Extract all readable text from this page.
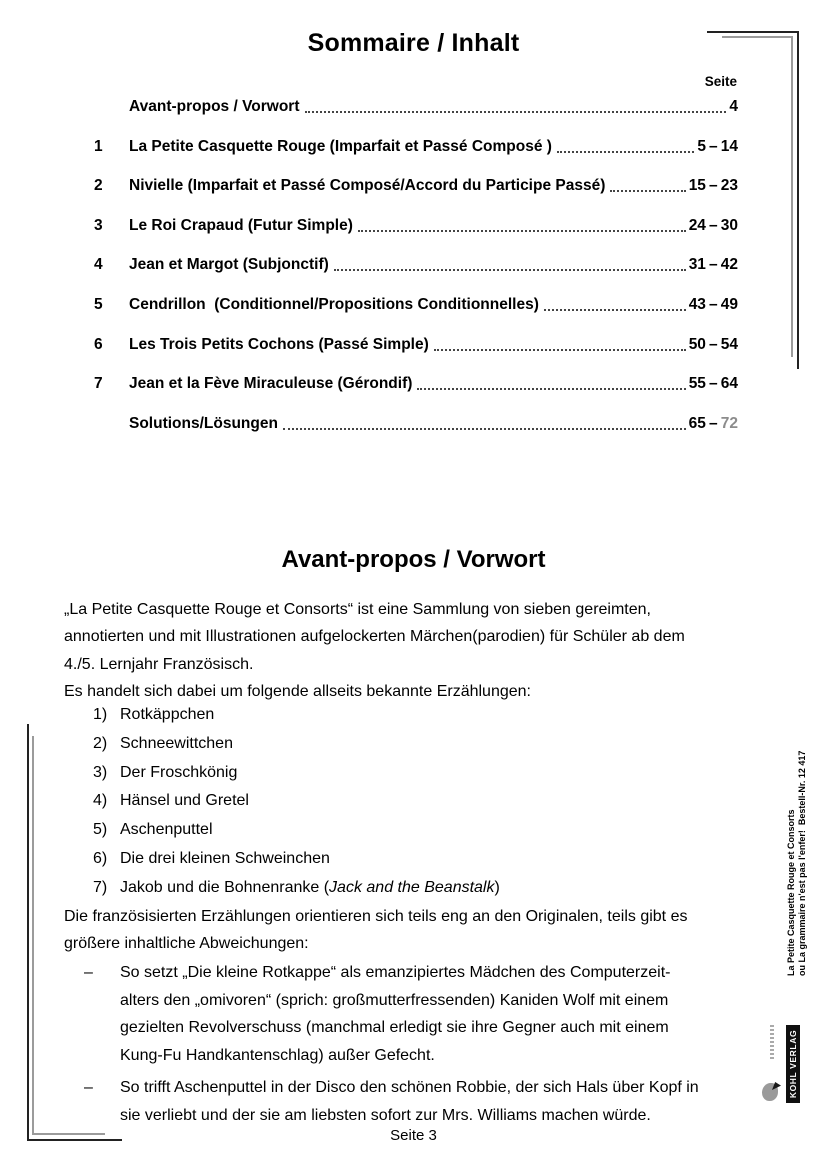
Sommaire / Inhalt
Seite
Avant-propos / Vorwort	4
1	La Petite Casquette Rouge (Imparfait et Passé Composé )	5 – 14
2	Nivielle (Imparfait et Passé Composé/Accord du Participe Passé)	15 – 23
3	Le Roi Crapaud (Futur Simple)	24 – 30
4	Jean et Margot (Subjonctif)	31 – 42
5	Cendrillon  (Conditionnel/Propositions Conditionnelles)	43 – 49
6	Les Trois Petits Cochons (Passé Simple)	50 – 54
7	Jean et la Fève Miraculeuse (Gérondif)	55 – 64
Solutions/Lösungen	65 – 72
Avant-propos / Vorwort
„La Petite Casquette Rouge et Consorts“ ist eine Sammlung von sieben gereimten,
annotierten und mit Illustrationen aufgelockerten Märchen(parodien) für Schüler ab dem
4./5. Lernjahr Französisch.
Es handelt sich dabei um folgende allseits bekannte Erzählungen:
1) Rotkäppchen
2) Schneewittchen
3) Der Froschkönig
4) Hänsel und Gretel
5) Aschenputtel
6) Die drei kleinen Schweinchen
7) Jakob und die Bohnenranke (Jack and the Beanstalk)
Die französisierten Erzählungen orientieren sich teils eng an den Originalen, teils gibt es
größere inhaltliche Abweichungen:
–	So setzt „Die kleine Rotkappe“ als emanzipiertes Mädchen des Computerzeit-
alters den „omivoren“ (sprich: großmutterfressenden) Kaniden Wolf mit einem
gezielten Revolverschuss (manchmal erledigt sie ihre Gegner auch mit einem
Kung-Fu Handkantenschlag) außer Gefecht.
–	So trifft Aschenputtel in der Disco den schönen Robbie, der sich Hals über Kopf in
sie verliebt und der sie am liebsten sofort zur Mrs. Williams machen würde.
La Petite Casquette Rouge et Consorts ou La grammaire n'est pas l'enfer!  Bestell-Nr. 12 417
KOHL VERLAG
Seite 3
